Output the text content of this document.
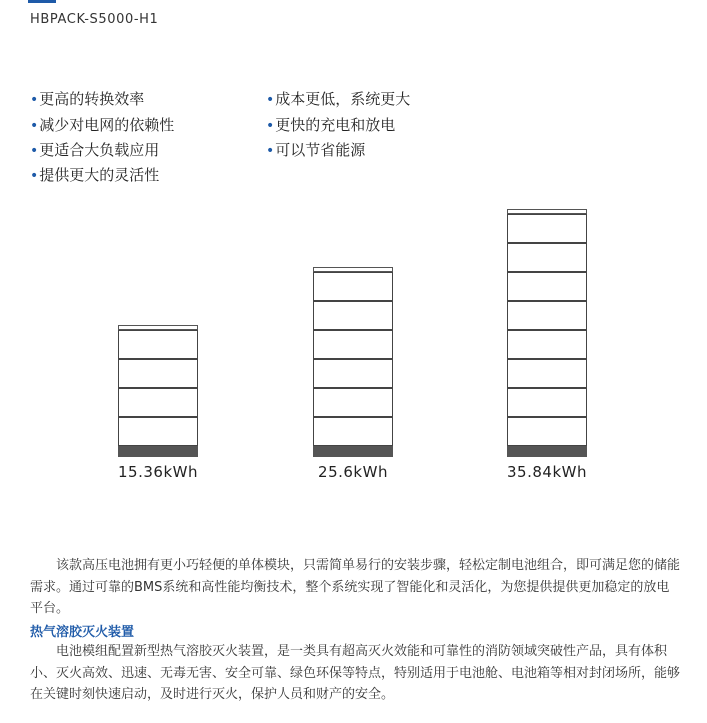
HBPACK-S5000-H1
•更高的转换效率	•成本更低，系统更大
•减少对电网的依赖性	•更快的充电和放电
•更适合大负载应用	•可以节省能源
•提供更大的灵活性
15.36kWh	25.6kWh	35.84kWh

该款高压电池拥有更小巧轻便的单体模块，只需简单易行的安装步骤，轻松定制电池组合，即可满足您的储能需求。通过可靠的BMS系统和高性能均衡技术，整个系统实现了智能化和灵活化，为您提供提供更加稳定的放电平台。

热气溶胶灭火装置

电池模组配置新型热气溶胶灭火装置，是一类具有超高灭火效能和可靠性的消防领域突破性产品，具有体积小、灭火高效、迅速、无毒无害、安全可靠、绿色环保等特点，特别适用于电池舱、电池箱等相对封闭场所，能够在关键时刻快速启动，及时进行灭火，保护人员和财产的安全。
